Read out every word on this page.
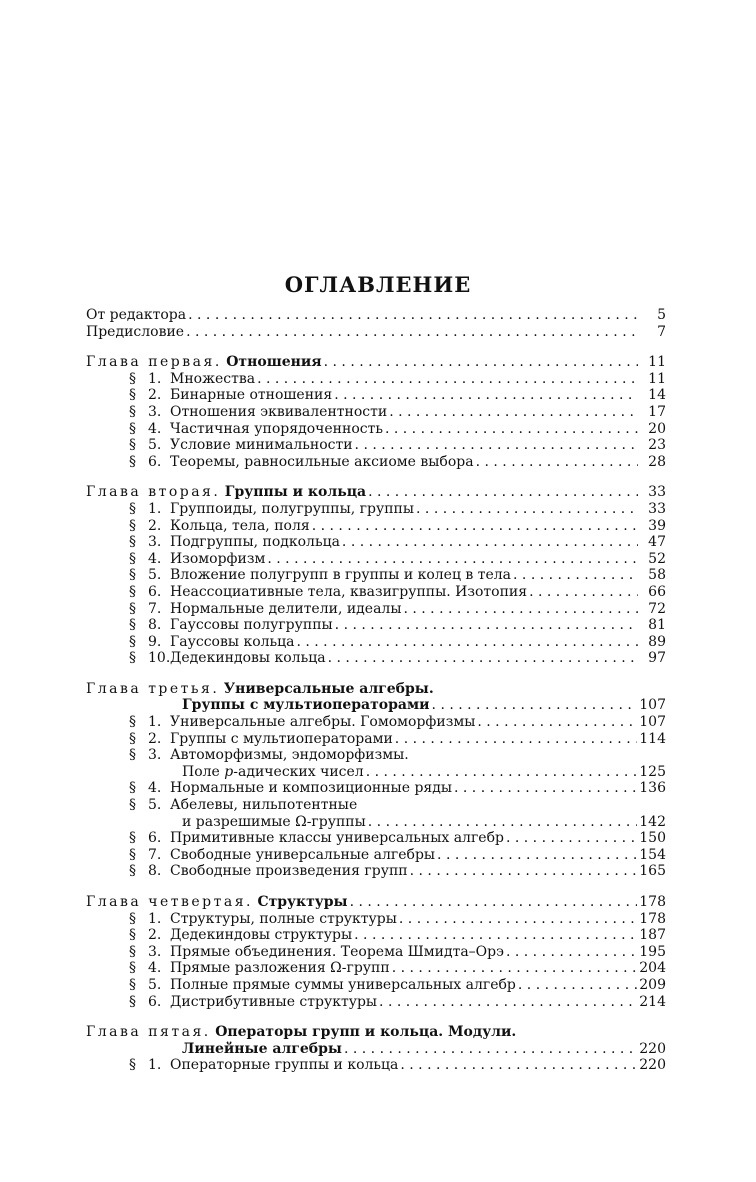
ОГЛАВЛЕНИЕ
От редактора . . .	5
Предисловие . . .	7
Глава первая. Отношения . . .	11
§ 1. Множества . . .	11
§ 2. Бинарные отношения . . .	14
§ 3. Отношения эквивалентности . . .	17
§ 4. Частичная упорядоченность . . .	20
§ 5. Условие минимальности . . .	23
§ 6. Теоремы, равносильные аксиоме выбора . . .	28
Глава вторая. Группы и кольца . . .	33
§ 1. Группоиды, полугруппы, группы . . .	33
§ 2. Кольца, тела, поля . . .	39
§ 3. Подгруппы, подкольца . . .	47
§ 4. Изоморфизм . . .	52
§ 5. Вложение полугрупп в группы и колец в тела . . .	58
§ 6. Неассоциативные тела, квазигруппы. Изотопия . . .	66
§ 7. Нормальные делители, идеалы . . .	72
§ 8. Гауссовы полугруппы . . .	81
§ 9. Гауссовы кольца . . .	89
§ 10.Дедекиндовы кольца . . .	97
Глава третья. Универсальные алгебры.
Группы с мультиоператорами . . .	107
§ 1. Универсальные алгебры. Гомоморфизмы . . .	107
§ 2. Группы с мультиоператорами . . .	114
§ 3. Автоморфизмы, эндоморфизмы.
Поле p-адических чисел . . .	125
§ 4. Нормальные и композиционные ряды . . .	136
§ 5. Абелевы, нильпотентные
и разрешимые Ω-группы . . .	142
§ 6. Примитивные классы универсальных алгебр . . .	150
§ 7. Свободные универсальные алгебры . . .	154
§ 8. Свободные произведения групп . . .	165
Глава четвертая. Структуры . . .	178
§ 1. Структуры, полные структуры . . .	178
§ 2. Дедекиндовы структуры . . .	187
§ 3. Прямые объединения. Теорема Шмидта–Орэ . . .	195
§ 4. Прямые разложения Ω-групп . . .	204
§ 5. Полные прямые суммы универсальных алгебр . . .	209
§ 6. Дистрибутивные структуры . . .	214
Глава пятая. Операторы групп и кольца. Модули.
Линейные алгебры . . .	220
§ 1. Операторные группы и кольца . . .	220
